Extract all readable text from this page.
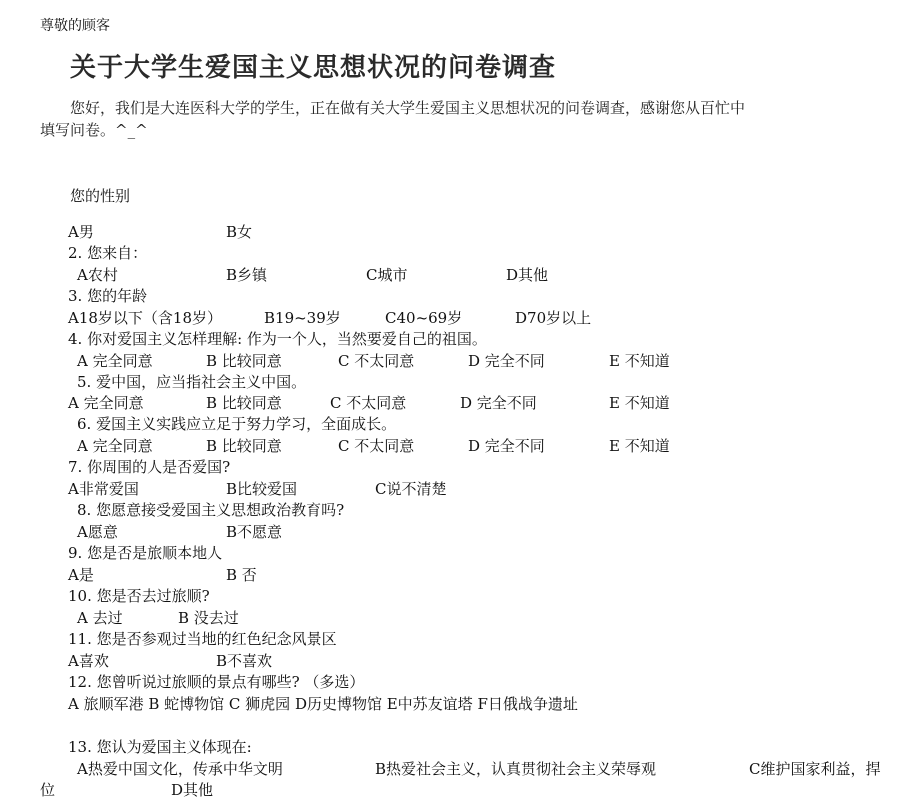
尊敬的顾客
关于大学生爱国主义思想状况的问卷调查
您好，我们是大连医科大学的学生，正在做有关大学生爱国主义思想状况的问卷调查，感谢您从百忙中
填写问卷。^_^
您的性别
A男	B女
2. 您来自：
A农村	B乡镇	C城市	D其他
3. 您的年龄
A18岁以下（含18岁）	B19~39岁	C40~69岁	D70岁以上
4. 你对爱国主义怎样理解: 作为一个人，当然要爱自己的祖国。
A 完全同意	B 比较同意	C 不太同意	D 完全不同	E 不知道
5. 爱中国，应当指社会主义中国。
A 完全同意	B 比较同意	C 不太同意	D 完全不同	E 不知道
6. 爱国主义实践应立足于努力学习，全面成长。
A 完全同意	B 比较同意	C 不太同意	D 完全不同	E 不知道
7. 你周围的人是否爱国?
A非常爱国	B比较爱国	C说不清楚
8. 您愿意接受爱国主义思想政治教育吗?
A愿意	B不愿意
9. 您是否是旅顺本地人
A是	B 否
10. 您是否去过旅顺?
A 去过	B 没去过
11. 您是否参观过当地的红色纪念风景区
A喜欢	B不喜欢
12. 您曾听说过旅顺的景点有哪些? （多选）
A 旅顺军港 B 蛇博物馆 C 狮虎园 D历史博物馆 E中苏友谊塔 F日俄战争遗址
13. 您认为爱国主义体现在:
A热爱中国文化，传承中华文明	B热爱社会主义，认真贯彻社会主义荣辱观	C维护国家利益，捍
位	D其他
